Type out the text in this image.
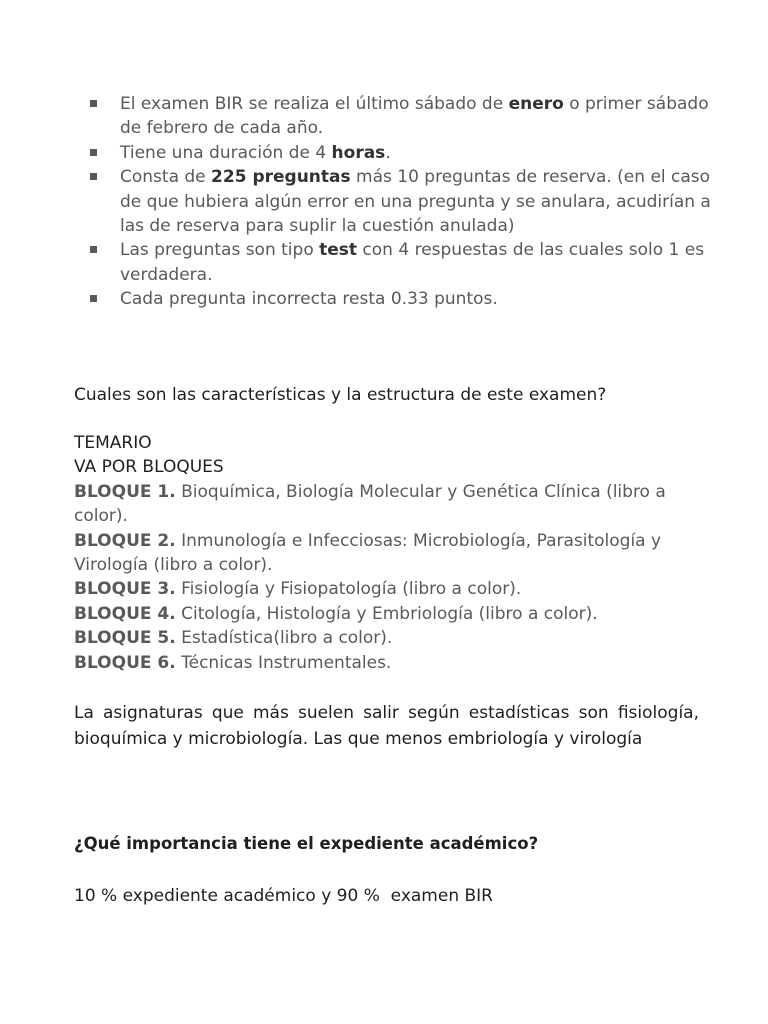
El examen BIR se realiza el último sábado de enero o primer sábado de febrero de cada año.
Tiene una duración de 4 horas.
Consta de 225 preguntas más 10 preguntas de reserva. (en el caso de que hubiera algún error en una pregunta y se anulara, acudirían a las de reserva para suplir la cuestión anulada)
Las preguntas son tipo test con 4 respuestas de las cuales solo 1 es verdadera.
Cada pregunta incorrecta resta 0.33 puntos.

Cuales son las características y la estructura de este examen?

TEMARIO
VA POR BLOQUES
BLOQUE 1. Bioquímica, Biología Molecular y Genética Clínica (libro a color).
BLOQUE 2. Inmunología e Infecciosas: Microbiología, Parasitología y Virología (libro a color).
BLOQUE 3. Fisiología y Fisiopatología (libro a color).
BLOQUE 4. Citología, Histología y Embriología (libro a color).
BLOQUE 5. Estadística(libro a color).
BLOQUE 6. Técnicas Instrumentales.

La asignaturas que más suelen salir según estadísticas son fisiología, bioquímica y microbiología. Las que menos embriología y virología

¿Qué importancia tiene el expediente académico?

10 % expediente académico y 90 %  examen BIR
